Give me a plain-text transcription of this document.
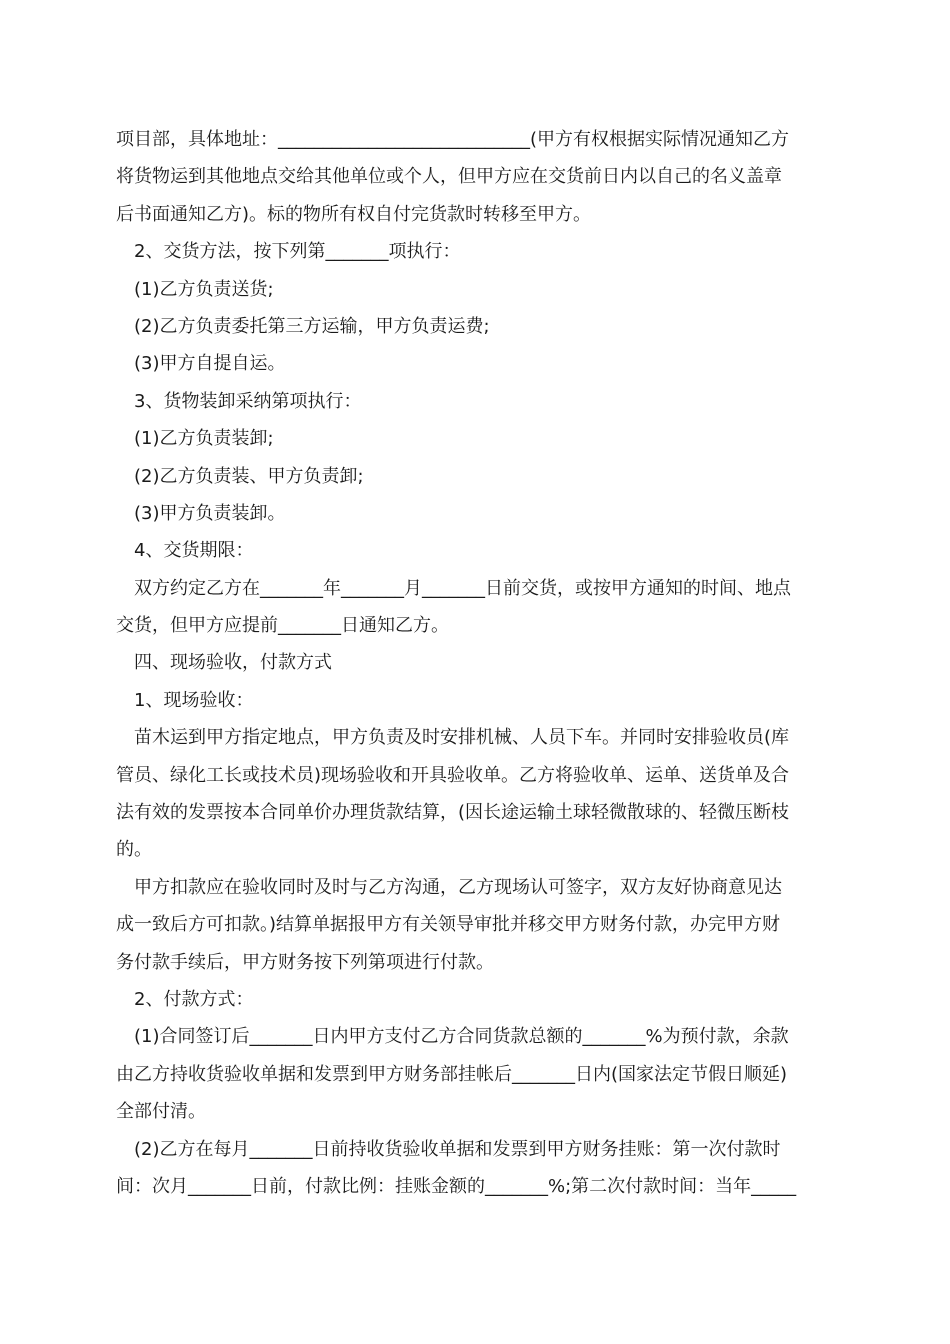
项目部，具体地址：____________________________(甲方有权根据实际情况通知乙方
将货物运到其他地点交给其他单位或个人，但甲方应在交货前日内以自己的名义盖章
后书面通知乙方)。标的物所有权自付完货款时转移至甲方。
2、交货方法，按下列第_______项执行：
(1)乙方负责送货;
(2)乙方负责委托第三方运输，甲方负责运费;
(3)甲方自提自运。
3、货物装卸采纳第项执行：
(1)乙方负责装卸;
(2)乙方负责装、甲方负责卸;
(3)甲方负责装卸。
4、交货期限：
双方约定乙方在_______年_______月_______日前交货，或按甲方通知的时间、地点
交货，但甲方应提前_______日通知乙方。
四、现场验收，付款方式
1、现场验收：
苗木运到甲方指定地点，甲方负责及时安排机械、人员下车。并同时安排验收员(库
管员、绿化工长或技术员)现场验收和开具验收单。乙方将验收单、运单、送货单及合
法有效的发票按本合同单价办理货款结算，(因长途运输土球轻微散球的、轻微压断枝
的。
甲方扣款应在验收同时及时与乙方沟通，乙方现场认可签字，双方友好协商意见达
成一致后方可扣款。)结算单据报甲方有关领导审批并移交甲方财务付款，办完甲方财
务付款手续后，甲方财务按下列第项进行付款。
2、付款方式：
(1)合同签订后_______日内甲方支付乙方合同货款总额的_______%为预付款，余款
由乙方持收货验收单据和发票到甲方财务部挂帐后_______日内(国家法定节假日顺延)
全部付清。
(2)乙方在每月_______日前持收货验收单据和发票到甲方财务挂账：第一次付款时
间：次月_______日前，付款比例：挂账金额的_______%;第二次付款时间：当年_____
